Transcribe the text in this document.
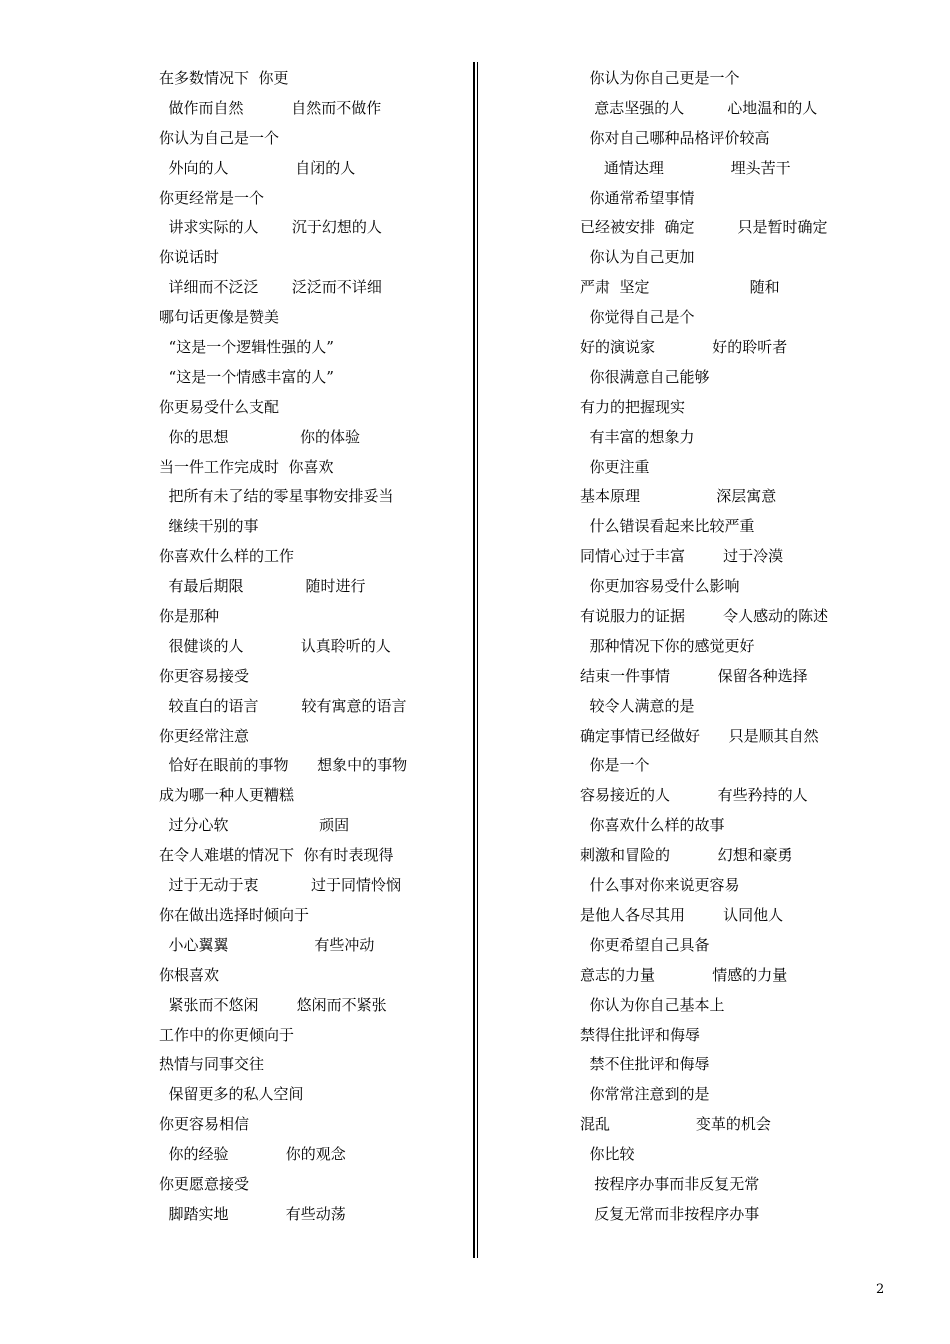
在多数情况下  你更
做作而自然          自然而不做作
你认为自己是一个
外向的人              自闭的人
你更经常是一个
讲求实际的人       沉于幻想的人
你说话时
详细而不泛泛       泛泛而不详细
哪句话更像是赞美
“这是一个逻辑性强的人”
“这是一个情感丰富的人”
你更易受什么支配
你的思想               你的体验
当一件工作完成时  你喜欢
把所有未了结的零星事物安排妥当
继续干别的事
你喜欢什么样的工作
有最后期限             随时进行
你是那种
很健谈的人            认真聆听的人
你更容易接受
较直白的语言         较有寓意的语言
你更经常注意
恰好在眼前的事物      想象中的事物
成为哪一种人更糟糕
过分心软                   顽固
在令人难堪的情况下  你有时表现得
过于无动于衷           过于同情怜悯
你在做出选择时倾向于
小心翼翼                  有些冲动
你根喜欢
紧张而不悠闲        悠闲而不紧张
工作中的你更倾向于
热情与同事交往
保留更多的私人空间
你更容易相信
你的经验            你的观念
你更愿意接受
脚踏实地            有些动荡
你认为你自己更是一个
意志坚强的人         心地温和的人
你对自己哪种品格评价较高
通情达理              埋头苦干
你通常希望事情
已经被安排  确定         只是暂时确定
你认为自己更加
严肃  坚定                     随和
你觉得自己是个
好的演说家            好的聆听者
你很满意自己能够
有力的把握现实
有丰富的想象力
你更注重
基本原理                深层寓意
什么错误看起来比较严重
同情心过于丰富        过于冷漠
你更加容易受什么影响
有说服力的证据        令人感动的陈述
那种情况下你的感觉更好
结束一件事情          保留各种选择
较令人满意的是
确定事情已经做好      只是顺其自然
你是一个
容易接近的人          有些矜持的人
你喜欢什么样的故事
刺激和冒险的          幻想和豪勇
什么事对你来说更容易
是他人各尽其用        认同他人
你更希望自己具备
意志的力量            情感的力量
你认为你自己基本上
禁得住批评和侮辱
禁不住批评和侮辱
你常常注意到的是
混乱                  变革的机会
你比较
按程序办事而非反复无常
反复无常而非按程序办事
2
